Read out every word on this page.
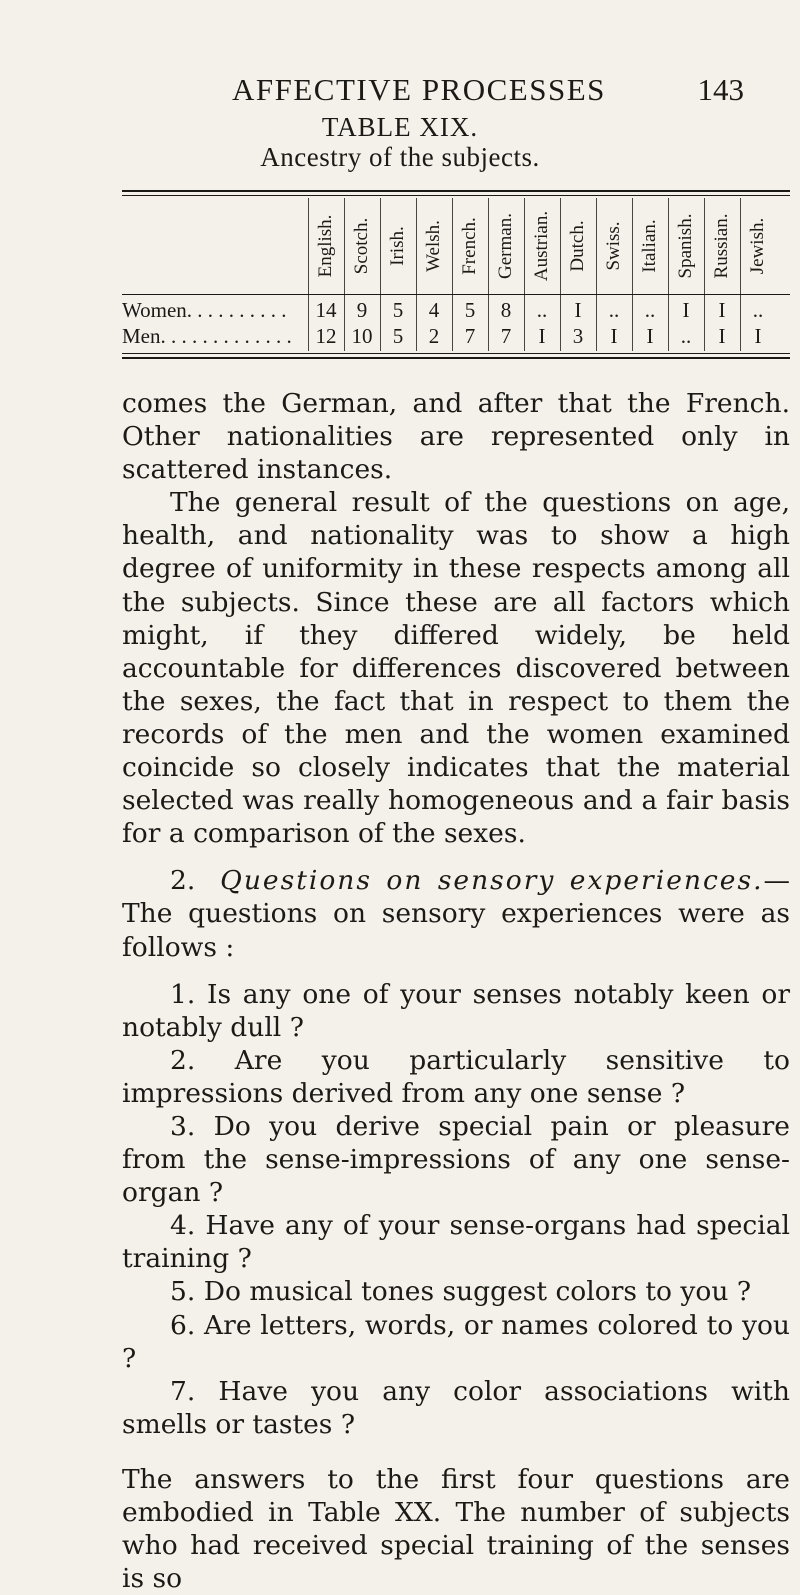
AFFECTIVE PROCESSES	143
TABLE XIX.
Ancestry of the subjects.
English. Scotch. Irish. Welsh. French. German. Austrian. Dutch. Swiss. Italian. Spanish. Russian. Jewish.
Women. . . . . . . . . . 14 9	5	4	5	8	..	I	..	..	I	I	..
Men. . . . . . . . . . . . . 12 10 5	2	7	7	I	3	I	I	..	I	I

comes the German, and after that the French. Other nationalities are represented only in scattered instances.

The general result of the questions on age, health, and nationality was to show a high degree of uniformity in these respects among all the subjects. Since these are all factors which might, if they differed widely, be held accountable for differences discovered between the sexes, the fact that in respect to them the records of the men and the women examined coincide so closely indicates that the material selected was really homogeneous and a fair basis for a comparison of the sexes.

2. Questions on sensory experiences.— The questions on sensory experiences were as follows :

1. Is any one of your senses notably keen or notably dull ?

2. Are you particularly sensitive to impressions derived from any one sense ?

3. Do you derive special pain or pleasure from the sense-impressions of any one sense-organ ?

4. Have any of your sense-organs had special training ?

5. Do musical tones suggest colors to you ?

6. Are letters, words, or names colored to you ?

7. Have you any color associations with smells or tastes ?

The answers to the first four questions are embodied in Table XX. The number of subjects who had received special training of the senses is so
